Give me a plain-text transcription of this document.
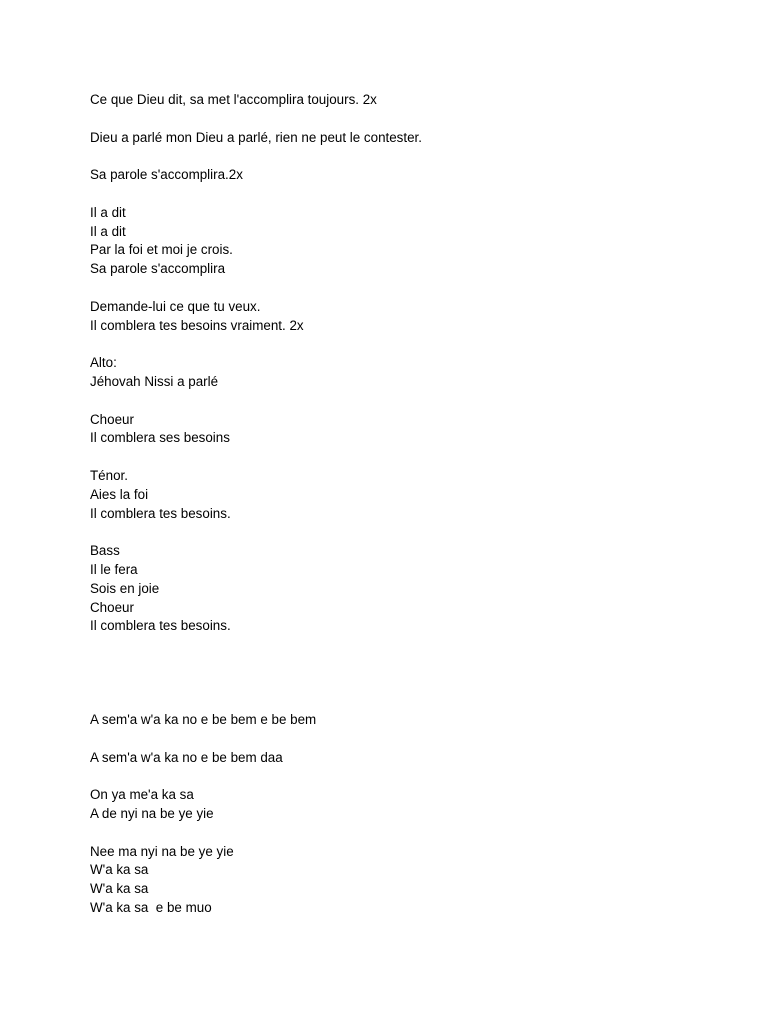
Ce que Dieu dit, sa met l'accomplira toujours. 2x
Dieu a parlé mon Dieu a parlé, rien ne peut le contester.
Sa parole s'accomplira.2x
Il a dit
Il a dit
Par la foi et moi je crois.
Sa parole s'accomplira
Demande-lui ce que tu veux.
Il comblera tes besoins vraiment. 2x
Alto:
Jéhovah Nissi a parlé
Choeur
Il comblera ses besoins
Ténor.
Aies la foi
Il comblera tes besoins.
Bass
Il le fera
Sois en joie
Choeur
Il comblera tes besoins.
A sem'a w'a ka no e be bem e be bem
A sem'a w'a ka no e be bem daa
On ya me'a ka sa
A de nyi na be ye yie
Nee ma nyi na be ye yie
W'a ka sa
W'a ka sa
W'a ka sa  e be muo
